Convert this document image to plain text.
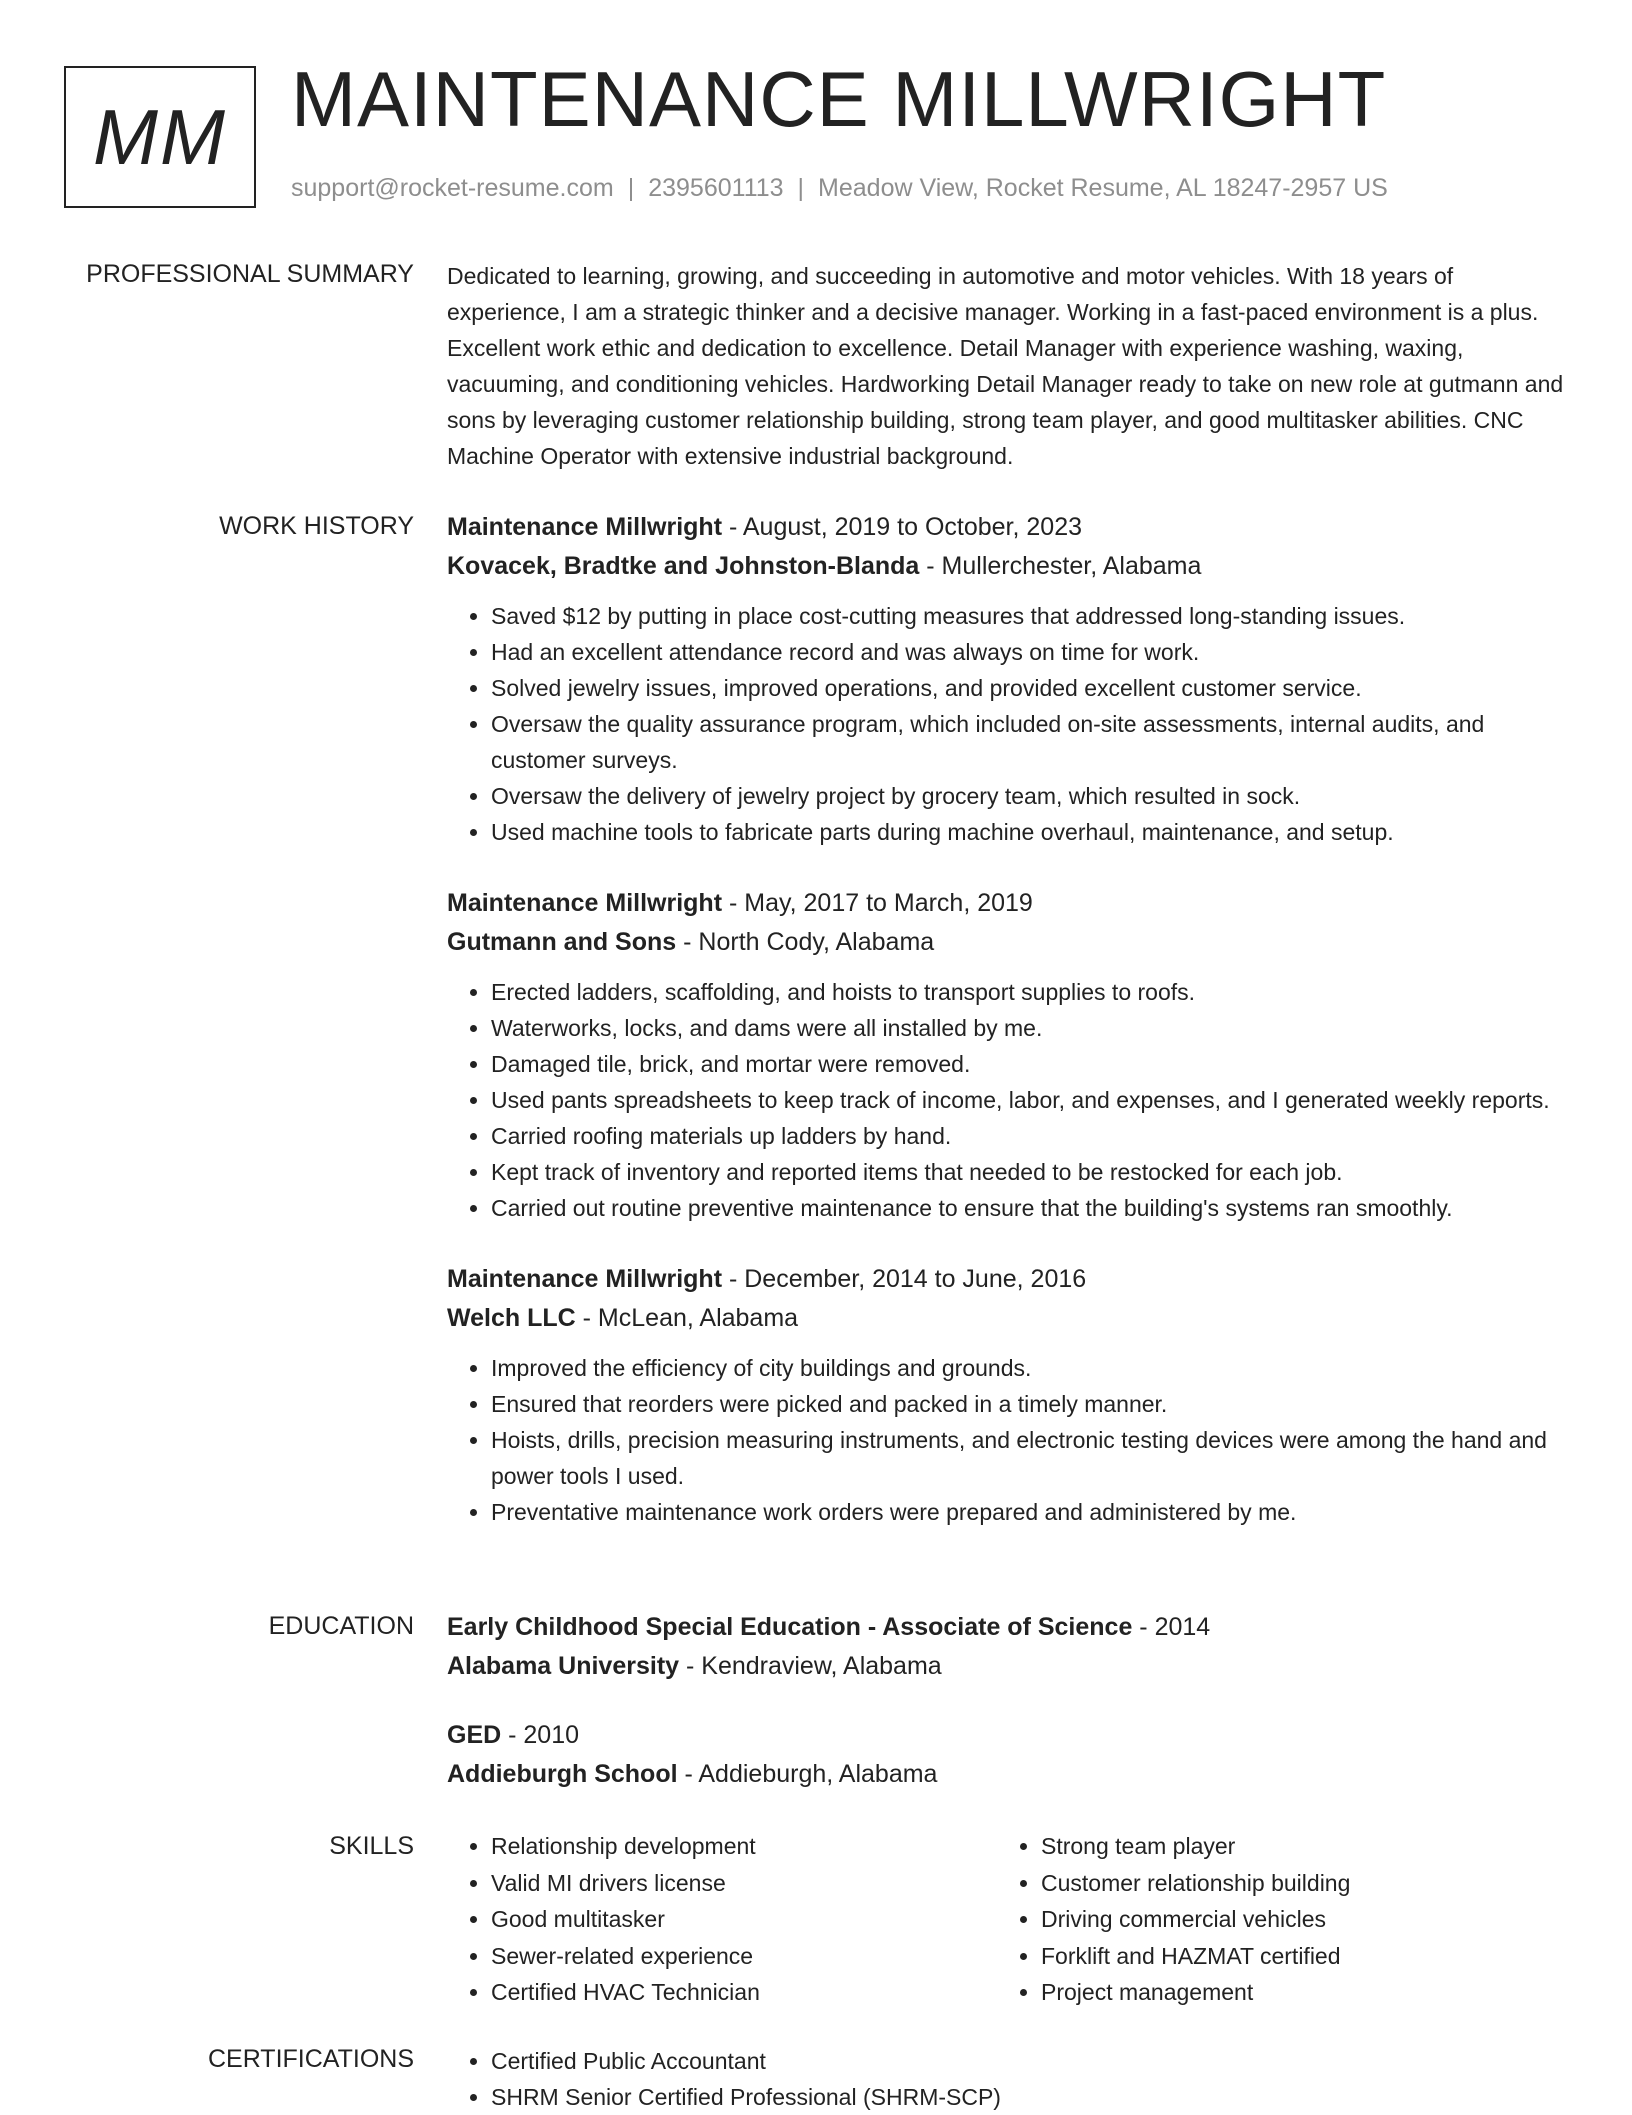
MM MAINTENANCE MILLWRIGHT
support@rocket-resume.com | 2395601113 | Meadow View, Rocket Resume, AL 18247-2957 US
PROFESSIONAL SUMMARY Dedicated to learning, growing, and succeeding in automotive and motor vehicles. With 18 years of experience, I am a strategic thinker and a decisive manager. Working in a fast-paced environment is a plus. Excellent work ethic and dedication to excellence. Detail Manager with experience washing, waxing, vacuuming, and conditioning vehicles. Hardworking Detail Manager ready to take on new role at gutmann and sons by leveraging customer relationship building, strong team player, and good multitasker abilities. CNC Machine Operator with extensive industrial background.

WORK HISTORY Maintenance Millwright - August, 2019 to October, 2023
Kovacek, Bradtke and Johnston-Blanda - Mullerchester, Alabama
• Saved $12 by putting in place cost-cutting measures that addressed long-standing issues.
• Had an excellent attendance record and was always on time for work.
• Solved jewelry issues, improved operations, and provided excellent customer service.
• Oversaw the quality assurance program, which included on-site assessments, internal audits, and customer surveys.
• Oversaw the delivery of jewelry project by grocery team, which resulted in sock.
• Used machine tools to fabricate parts during machine overhaul, maintenance, and setup.
Maintenance Millwright - May, 2017 to March, 2019
Gutmann and Sons - North Cody, Alabama
• Erected ladders, scaffolding, and hoists to transport supplies to roofs.
• Waterworks, locks, and dams were all installed by me.
• Damaged tile, brick, and mortar were removed.
• Used pants spreadsheets to keep track of income, labor, and expenses, and I generated weekly reports.
• Carried roofing materials up ladders by hand.
• Kept track of inventory and reported items that needed to be restocked for each job.
• Carried out routine preventive maintenance to ensure that the building's systems ran smoothly.
Maintenance Millwright - December, 2014 to June, 2016
Welch LLC - McLean, Alabama
• Improved the efficiency of city buildings and grounds.
• Ensured that reorders were picked and packed in a timely manner.
• Hoists, drills, precision measuring instruments, and electronic testing devices were among the hand and power tools I used.
• Preventative maintenance work orders were prepared and administered by me.
EDUCATION Early Childhood Special Education - Associate of Science - 2014
Alabama University - Kendraview, Alabama
GED - 2010
Addieburgh School - Addieburgh, Alabama
SKILLS	• Relationship development
• Valid MI drivers license
• Good multitasker
• Sewer-related experience
• Certified HVAC Technician
• Strong team player
• Customer relationship building
• Driving commercial vehicles
• Forklift and HAZMAT certified
• Project management
CERTIFICATIONS	• Certified Public Accountant
• SHRM Senior Certified Professional (SHRM-SCP)
